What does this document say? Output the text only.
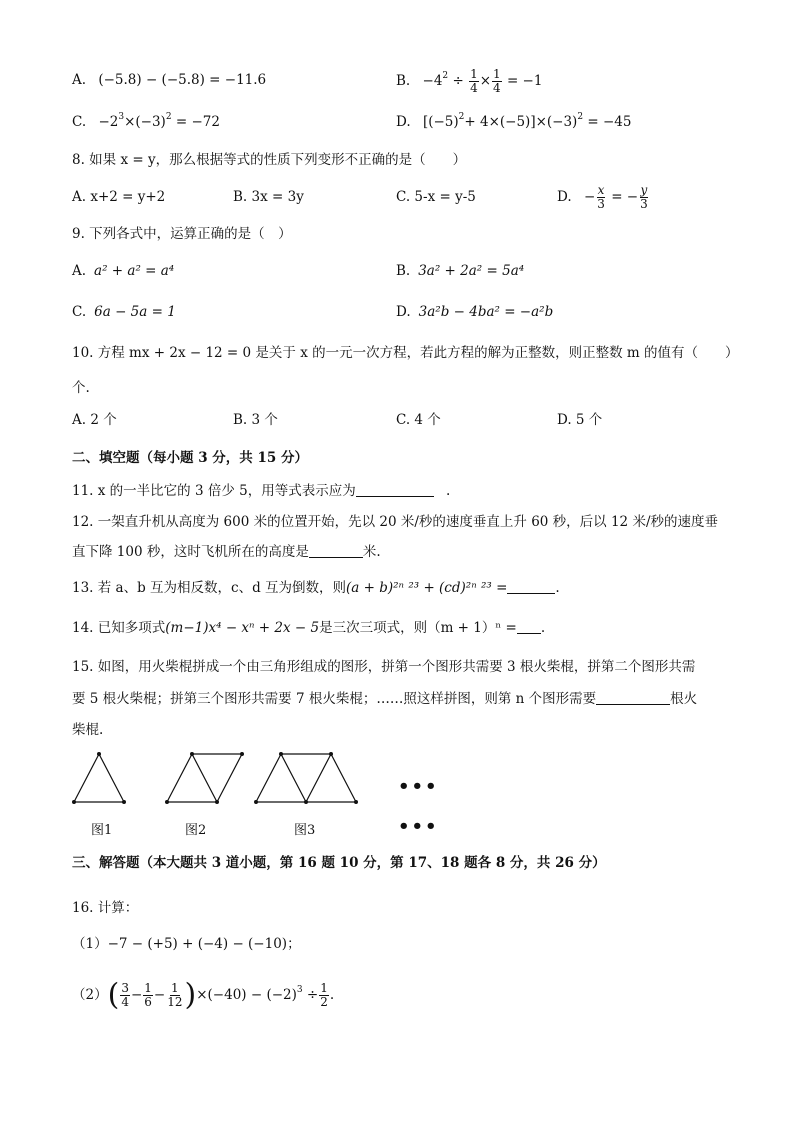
A. (−5.8) − (−5.8) = −11.6	B. $-4^2 \div \frac{1}{4} \times \frac{1}{4} = -1$
C. $-2^3\times(-3)^2 = -72$	D. $[(-5)^2+ 4\times(-5)]\times(-3)^2 = -45$
8. 如果 x = y，那么根据等式的性质下列变形不正确的是（　　）
A. x+2 = y+2	B. 3x = 3y	C. 5-x = y-5	D. − $\frac{x}{3}$ = − $\frac{y}{3}$
9. 下列各式中，运算正确的是（　）
A. a² + a² = a⁴	B. 3a² + 2a² = 5a⁴
C. 6a − 5a = 1	D. 3a²b − 4ba² = −a²b
10. 方程 mx + 2x − 12 = 0 是关于 x 的一元一次方程，若此方程的解为正整数，则正整数 m 的值有（　　）
个.
A. 2 个	B. 3 个	C. 4 个	D. 5 个
二、填空题（每小题 3 分，共 15 分）
11. x 的一半比它的 3 倍少 5，用等式表示应为	.
12. 一架直升机从高度为 600 米的位置开始，先以 20 米/秒的速度垂直上升 60 秒，后以 12 米/秒的速度垂
直下降 100 秒，这时飞机所在的高度是	米.
13. 若 a、b 互为相反数，c、d 互为倒数，则(a + b)²ⁿ ²³ + (cd)²ⁿ ²³ =	.
14. 已知多项式(m−1)x⁴ − xⁿ + 2x − 5是三次三项式，则（m + 1）ⁿ = .
15. 如图，用火柴棍拼成一个由三角形组成的图形，拼第一个图形共需要 3 根火柴棍，拼第二个图形共需
要 5 根火柴棍；拼第三个图形共需要 7 根火柴棍；……照这样拼图，则第 n 个图形需要	根火
柴棍.
•••
•••
图1	图2	图3
三、解答题（本大题共 3 道小题，第 16 题 10 分，第 17、18 题各 8 分，共 26 分）
16. 计算：
（1）−7 − (+5) + (−4) − (−10)；
$(2)( \frac{3}{4} - \frac{1}{6} - \frac{1}{12} )\times(-40) - (-2)^3 \div \frac{1}{2}$ .
